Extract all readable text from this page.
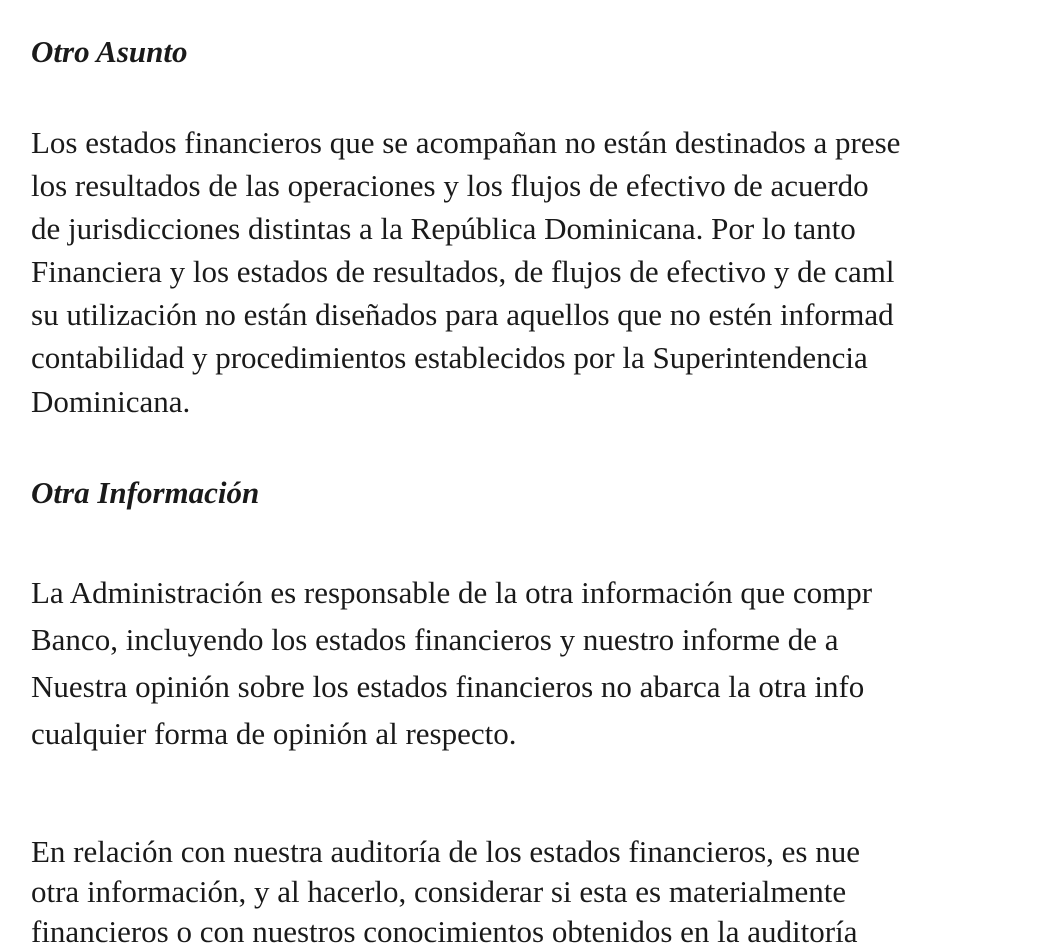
Otro Asunto

Los estados financieros que se acompañan no están destinados a prese

los resultados de las operaciones y los flujos de efectivo de acuerdo

de jurisdicciones distintas a la República Dominicana. Por lo tanto

Financiera y los estados de resultados, de flujos de efectivo y de caml

su utilización no están diseñados para aquellos que no estén informad

contabilidad y procedimientos establecidos por la Superintendencia

Dominicana.

Otra Información

La Administración es responsable de la otra información que compr

Banco, incluyendo los estados financieros y nuestro informe de a

Nuestra opinión sobre los estados financieros no abarca la otra info

cualquier forma de opinión al respecto.

En relación con nuestra auditoría de los estados financieros, es nue

otra información, y al hacerlo, considerar si esta es materialmente

financieros o con nuestros conocimientos obtenidos en la auditoría
